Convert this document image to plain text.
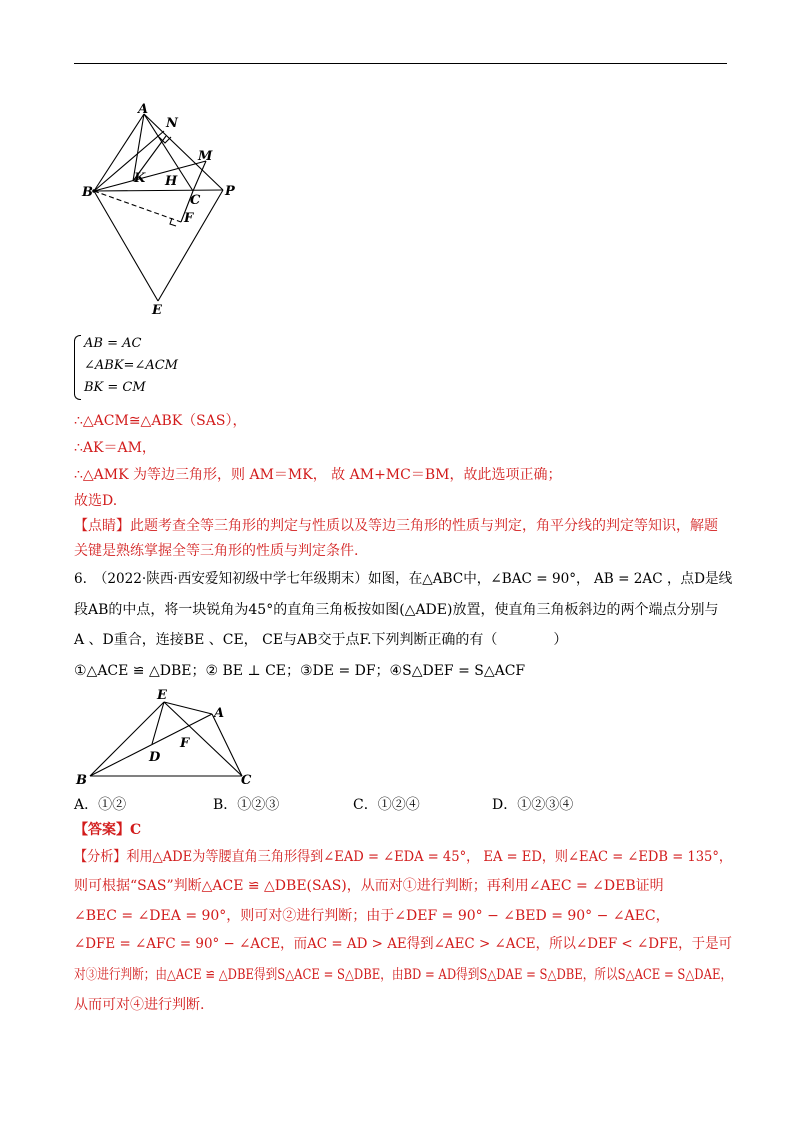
A
N
M
B
K H
C
P
F
E
AB = AC
∠ABK=∠ACM
BK = CM
∴△ACM≅△ABK（SAS），
∴AK＝AM，
∴△AMK 为等边三角形，则 AM＝MK， 故 AM+MC＝BM，故此选项正确；
故选D.
【点睛】此题考查全等三角形的判定与性质以及等边三角形的性质与判定，角平分线的判定等知识，解题
关键是熟练掌握全等三角形的性质与判定条件.
6.　（2022·陕西·西安爱知初级中学七年级期末）如图，在△ABC中，∠BAC = 90°， AB = 2AC ，点D是线
段AB的中点，将一块锐角为45°的直角三角板按如图(△ADE)放置，使直角三角板斜边的两个端点分别与
A 、D重合，连接BE 、CE， CE与AB交于点F.下列判断正确的有（　　　　）
①△ACE ≌ △DBE；② BE ⊥ CE；③DE = DF；④S△DEF = S△ACF
E
A
F
D
B	C
A．①②	B．①②③	C．①②④	D．①②③④
【答案】C
【分析】利用△ADE为等腰直角三角形得到∠EAD = ∠EDA = 45°， EA = ED，则∠EAC = ∠EDB = 135°，
则可根据“SAS”判断△ACE ≌ △DBE(SAS)，从而对①进行判断；再利用∠AEC = ∠DEB证明
∠BEC = ∠DEA = 90°，则可对②进行判断；由于∠DEF = 90° − ∠BED = 90° − ∠AEC，
∠DFE = ∠AFC = 90° − ∠ACE，而AC = AD > AE得到∠AEC > ∠ACE，所以∠DEF < ∠DFE，于是可
对③进行判断；由△ACE ≌ △DBE得到S△ACE = S△DBE，由BD = AD得到S△DAE = S△DBE，所以S△ACE = S△DAE，
从而可对④进行判断.
